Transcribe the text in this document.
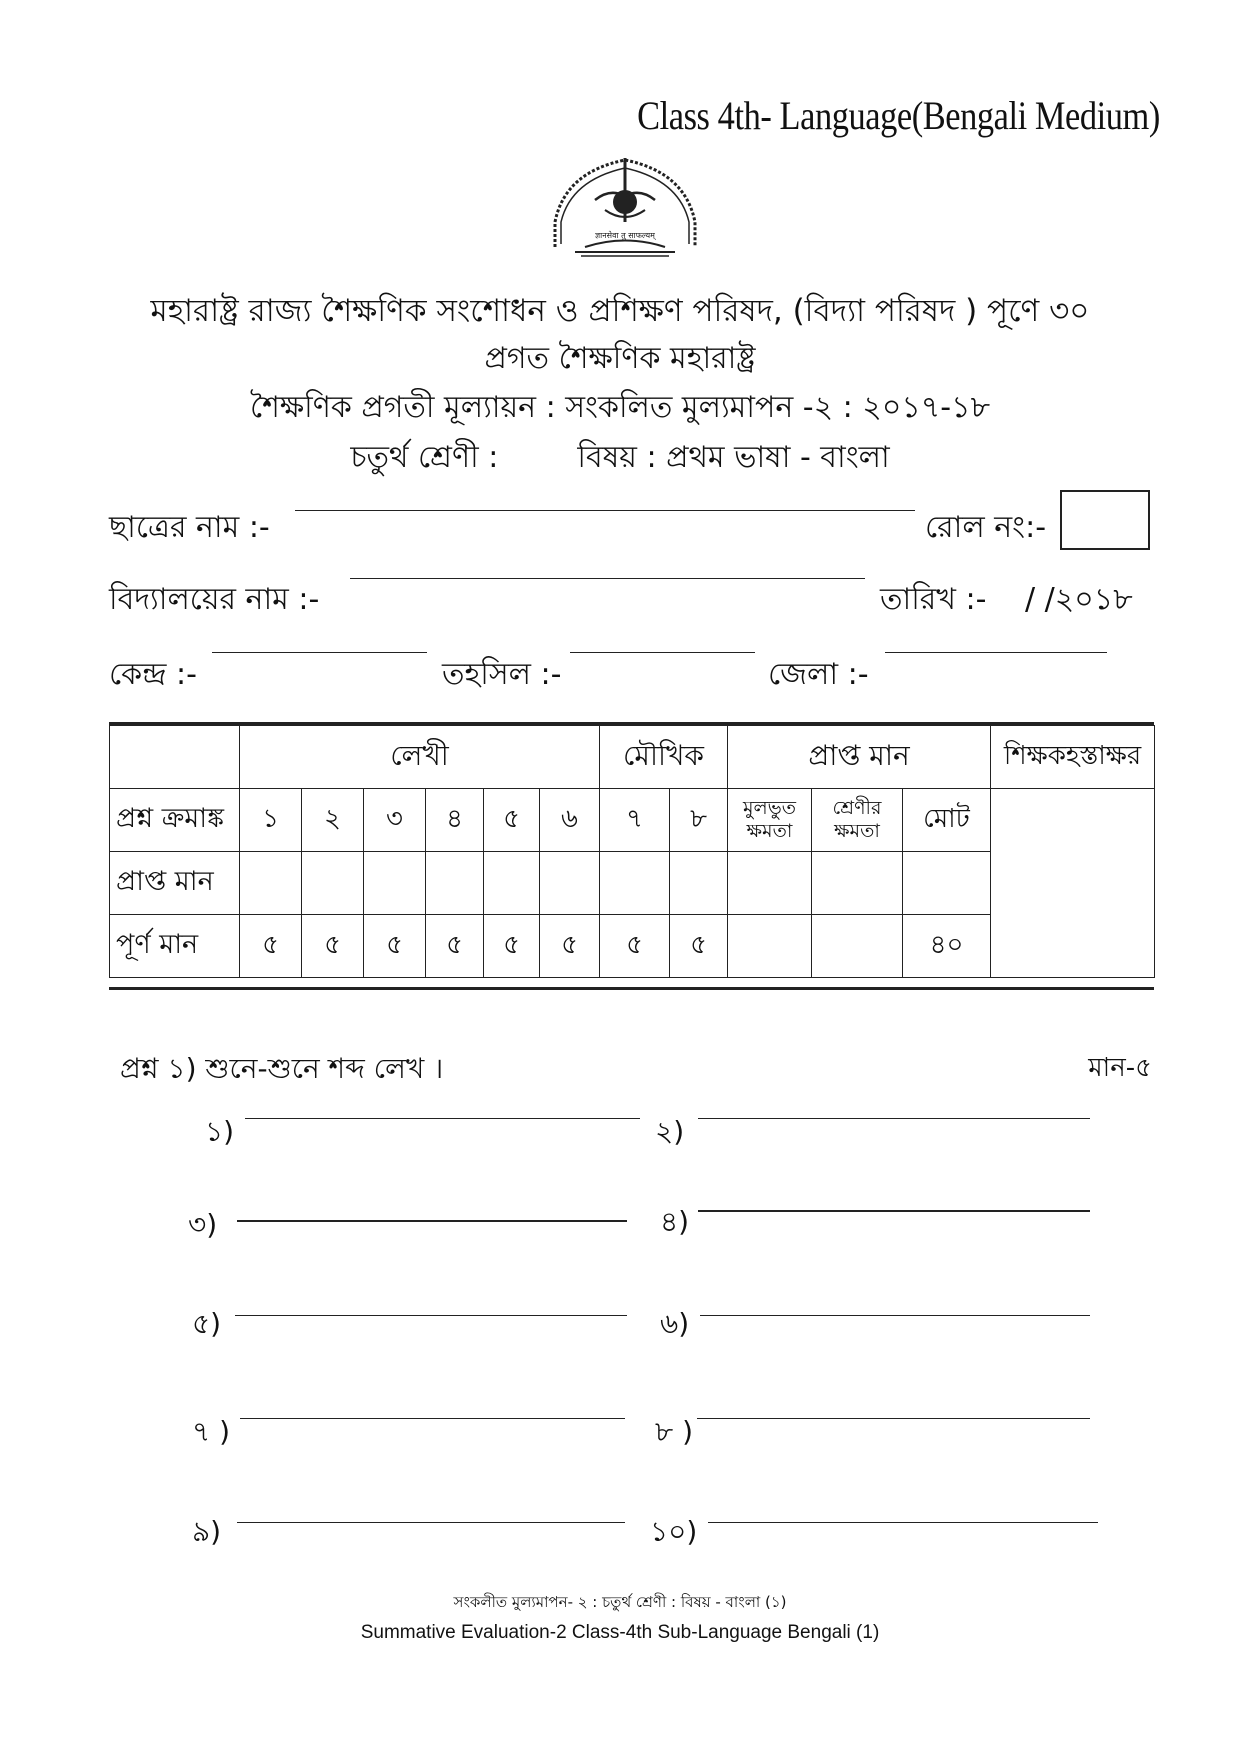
Class 4th- Language(Bengali Medium)
ज्ञानसेवा तु साफल्यम्
মহারাষ্ট্র রাজ্য শৈক্ষণিক সংশোধন ও প্রশিক্ষণ পরিষদ, (বিদ্যা পরিষদ ) পূণে ৩০
প্রগত শৈক্ষণিক মহারাষ্ট্র
শৈক্ষণিক প্রগতী মূল্যায়ন : সংকলিত মুল্যমাপন -২ : ২০১৭-১৮
চতুর্থ শ্রেণী :	বিষয় : প্রথম ভাষা - বাংলা
ছাত্রের নাম :-	রোল নং:-
বিদ্যালয়ের নাম :-	তারিখ :- / /২০১৮
কেন্দ্র :-	তহসিল :-	জেলা :-
	লেখী						মৌখিক		প্রাপ্ত মান			শিক্ষকহস্তাক্ষর
প্রশ্ন ক্রমাঙ্ক	১	২	৩	৪	৫	৬	৭	৮	মুলভুত ক্ষমতা	শ্রেণীর ক্ষমতা	মোট	
প্রাপ্ত মান												
পূর্ণ মান	৫	৫	৫	৫	৫	৫	৫	৫			৪০	
প্রশ্ন ১) শুনে-শুনে শব্দ লেখ ।	মান-৫
১)	২)
৩)	৪)
৫)	৬)
৭ )	৮ )
৯)	১০)
সংকলীত মুল্যমাপন- ২ : চতুর্থ শ্রেণী : বিষয় - বাংলা (১)
Summative Evaluation-2 Class-4th Sub-Language Bengali (1)
